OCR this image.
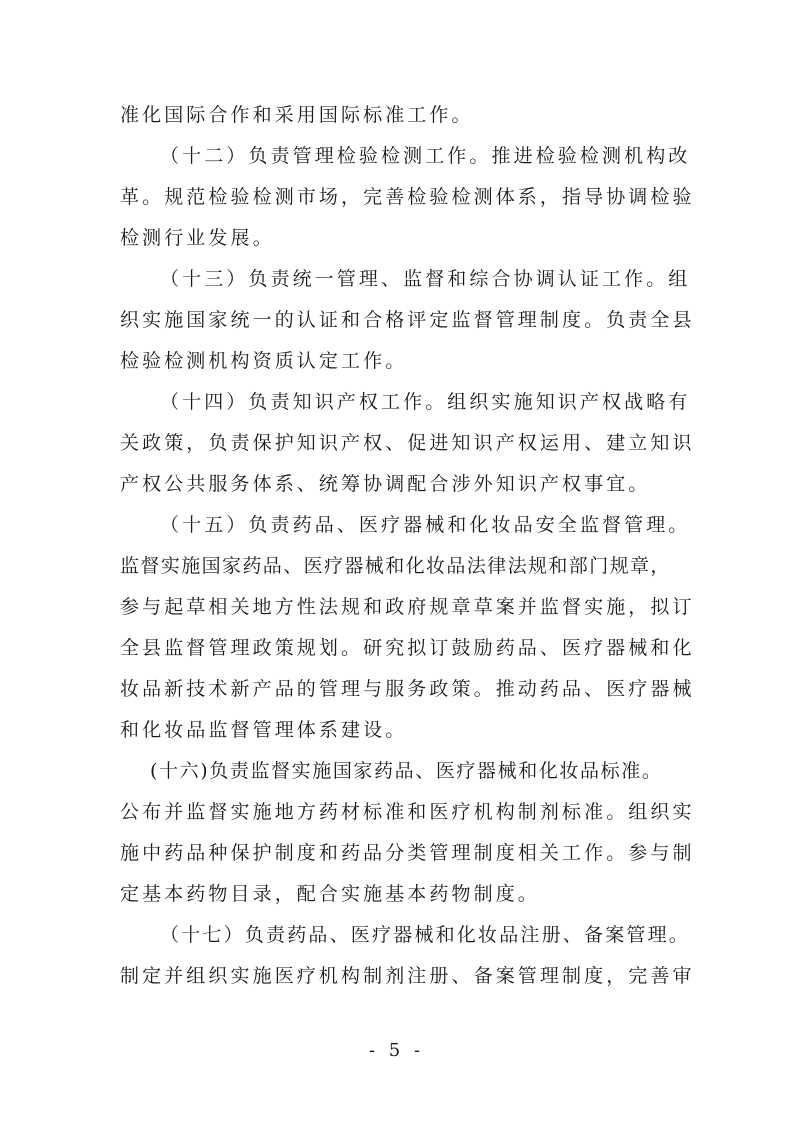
准化国际合作和采用国际标准工作。
（十二）负责管理检验检测工作。推进检验检测机构改
革。规范检验检测市场，完善检验检测体系，指导协调检验
检测行业发展。
（十三）负责统一管理、监督和综合协调认证工作。组
织实施国家统一的认证和合格评定监督管理制度。负责全县
检验检测机构资质认定工作。
（十四）负责知识产权工作。组织实施知识产权战略有
关政策，负责保护知识产权、促进知识产权运用、建立知识
产权公共服务体系、统筹协调配合涉外知识产权事宜。
（十五）负责药品、医疗器械和化妆品安全监督管理。
监督实施国家药品、医疗器械和化妆品法律法规和部门规章，
参与起草相关地方性法规和政府规章草案并监督实施，拟订
全县监督管理政策规划。研究拟订鼓励药品、医疗器械和化
妆品新技术新产品的管理与服务政策。推动药品、医疗器械
和化妆品监督管理体系建设。
(十六)负责监督实施国家药品、医疗器械和化妆品标准。
公布并监督实施地方药材标准和医疗机构制剂标准。组织实
施中药品种保护制度和药品分类管理制度相关工作。参与制
定基本药物目录，配合实施基本药物制度。
（十七）负责药品、医疗器械和化妆品注册、备案管理。
制定并组织实施医疗机构制剂注册、备案管理制度，完善审
- 5 -
